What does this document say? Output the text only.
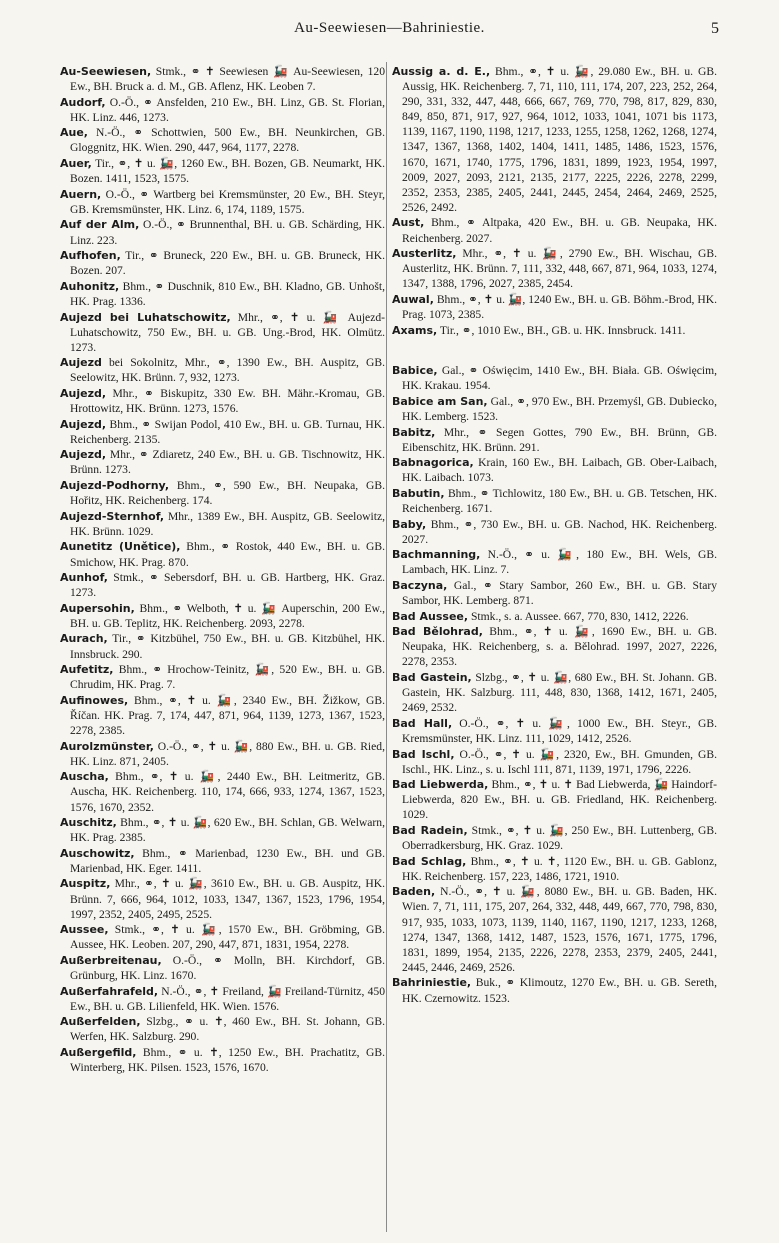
Au-Seewiesen—Bahriniestie.	5

Au-Seewiesen, Stmk., ⚭ ✝ Seewiesen 🚂 Au-Seewiesen, 120 Ew., BH. Bruck a. d. M., GB. Aflenz, HK. Leoben 7.

Audorf, O.-Ö., ⚭ Ansfelden, 210 Ew., BH. Linz, GB. St. Florian, HK. Linz. 446, 1273.

Aue, N.-Ö., ⚭ Schottwien, 500 Ew., BH. Neunkirchen, GB. Gloggnitz, HK. Wien. 290, 447, 964, 1177, 2278.

Auer, Tir., ⚭, ✝ u. 🚂, 1260 Ew., BH. Bozen, GB. Neumarkt, HK. Bozen. 1411, 1523, 1575.

Auern, O.-Ö., ⚭ Wartberg bei Kremsmünster, 20 Ew., BH. Steyr, GB. Kremsmünster, HK. Linz. 6, 174, 1189, 1575.

Auf der Alm, O.-Ö., ⚭ Brunnenthal, BH. u. GB. Schärding, HK. Linz. 223.

Aufhofen, Tir., ⚭ Bruneck, 220 Ew., BH. u. GB. Bruneck, HK. Bozen. 207.

Auhonitz, Bhm., ⚭ Duschnik, 810 Ew., BH. Kladno, GB. Unhošt, HK. Prag. 1336.

Aujezd bei Luhatschowitz, Mhr., ⚭, ✝ u. 🚂 Aujezd-Luhatschowitz, 750 Ew., BH. u. GB. Ung.-Brod, HK. Olmütz. 1273.

Aujezd bei Sokolnitz, Mhr., ⚭, 1390 Ew., BH. Auspitz, GB. Seelowitz, HK. Brünn. 7, 932, 1273.

Aujezd, Mhr., ⚭ Biskupitz, 330 Ew. BH. Mähr.-Kromau, GB. Hrottowitz, HK. Brünn. 1273, 1576.

Aujezd, Bhm., ⚭ Swijan Podol, 410 Ew., BH. u. GB. Turnau, HK. Reichenberg. 2135.

Aujezd, Mhr., ⚭ Zdiaretz, 240 Ew., BH. u. GB. Tischnowitz, HK. Brünn. 1273.

Aujezd-Podhorny, Bhm., ⚭, 590 Ew., BH. Neupaka, GB. Hořitz, HK. Reichenberg. 174.

Aujezd-Sternhof, Mhr., 1389 Ew., BH. Auspitz, GB. Seelowitz, HK. Brünn. 1029.

Aunetitz (Unětice), Bhm., ⚭ Rostok, 440 Ew., BH. u. GB. Smichow, HK. Prag. 870.

Aunhof, Stmk., ⚭ Sebersdorf, BH. u. GB. Hartberg, HK. Graz. 1273.

Aupersohin, Bhm., ⚭ Welboth, ✝ u. 🚂 Auperschin, 200 Ew., BH. u. GB. Teplitz, HK. Reichenberg. 2093, 2278.

Aurach, Tir., ⚭ Kitzbühel, 750 Ew., BH. u. GB. Kitzbühel, HK. Innsbruck. 290.

Aufetitz, Bhm., ⚭ Hrochow-Teinitz, 🚂, 520 Ew., BH. u. GB. Chrudim, HK. Prag. 7.

Aufinowes, Bhm., ⚭, ✝ u. 🚂, 2340 Ew., BH. Žižkow, GB. Říčan. HK. Prag. 7, 174, 447, 871, 964, 1139, 1273, 1367, 1523, 2278, 2385.

Aurolzmünster, O.-Ö., ⚭, ✝ u. 🚂, 880 Ew., BH. u. GB. Ried, HK. Linz. 871, 2405.

Auscha, Bhm., ⚭, ✝ u. 🚂, 2440 Ew., BH. Leitmeritz, GB. Auscha, HK. Reichenberg. 110, 174, 666, 933, 1274, 1367, 1523, 1576, 1670, 2352.

Auschitz, Bhm., ⚭, ✝ u. 🚂, 620 Ew., BH. Schlan, GB. Welwarn, HK. Prag. 2385.

Auschowitz, Bhm., ⚭ Marienbad, 1230 Ew., BH. und GB. Marienbad, HK. Eger. 1411.

Auspitz, Mhr., ⚭, ✝ u. 🚂, 3610 Ew., BH. u. GB. Auspitz, HK. Brünn. 7, 666, 964, 1012, 1033, 1347, 1367, 1523, 1796, 1954, 1997, 2352, 2405, 2495, 2525.

Aussee, Stmk., ⚭, ✝ u. 🚂, 1570 Ew., BH. Gröbming, GB. Aussee, HK. Leoben. 207, 290, 447, 871, 1831, 1954, 2278.

Außerbreitenau, O.-Ö., ⚭ Molln, BH. Kirchdorf, GB. Grünburg, HK. Linz. 1670.

Außerfahrafeld, N.-Ö., ⚭, ✝ Freiland, 🚂 Freiland-Türnitz, 450 Ew., BH. u. GB. Lilienfeld, HK. Wien. 1576.

Außerfelden, Slzbg., ⚭ u. ✝, 460 Ew., BH. St. Johann, GB. Werfen, HK. Salzburg. 290.

Außergefild, Bhm., ⚭ u. ✝, 1250 Ew., BH. Prachatitz, GB. Winterberg, HK. Pilsen. 1523, 1576, 1670.

Aussig a. d. E., Bhm., ⚭, ✝ u. 🚂, 29.080 Ew., BH. u. GB. Aussig, HK. Reichenberg. 7, 71, 110, 111, 174, 207, 223, 252, 264, 290, 331, 332, 447, 448, 666, 667, 769, 770, 798, 817, 829, 830, 849, 850, 871, 917, 927, 964, 1012, 1033, 1041, 1071 bis 1173, 1139, 1167, 1190, 1198, 1217, 1233, 1255, 1258, 1262, 1268, 1274, 1347, 1367, 1368, 1402, 1404, 1411, 1485, 1486, 1523, 1576, 1670, 1671, 1740, 1775, 1796, 1831, 1899, 1923, 1954, 1997, 2009, 2027, 2093, 2121, 2135, 2177, 2225, 2226, 2278, 2299, 2352, 2353, 2385, 2405, 2441, 2445, 2454, 2464, 2469, 2525, 2526, 2492.

Aust, Bhm., ⚭ Altpaka, 420 Ew., BH. u. GB. Neupaka, HK. Reichenberg. 2027.

Austerlitz, Mhr., ⚭, ✝ u. 🚂, 2790 Ew., BH. Wischau, GB. Austerlitz, HK. Brünn. 7, 111, 332, 448, 667, 871, 964, 1033, 1274, 1347, 1388, 1796, 2027, 2385, 2454.

Auwal, Bhm., ⚭, ✝ u. 🚂, 1240 Ew., BH. u. GB. Böhm.-Brod, HK. Prag. 1073, 2385.

Axams, Tir., ⚭, 1010 Ew., BH., GB. u. HK. Innsbruck. 1411.

Babice, Gal., ⚭ Oświęcim, 1410 Ew., BH. Biała. GB. Oświęcim, HK. Krakau. 1954.

Babice am San, Gal., ⚭, 970 Ew., BH. Przemyśl, GB. Dubiecko, HK. Lemberg. 1523.

Babitz, Mhr., ⚭ Segen Gottes, 790 Ew., BH. Brünn, GB. Eibenschitz, HK. Brünn. 291.

Babnagorica, Krain, 160 Ew., BH. Laibach, GB. Ober-Laibach, HK. Laibach. 1073.

Babutin, Bhm., ⚭ Tichlowitz, 180 Ew., BH. u. GB. Tetschen, HK. Reichenberg. 1671.

Baby, Bhm., ⚭, 730 Ew., BH. u. GB. Nachod, HK. Reichenberg. 2027.

Bachmanning, N.-Ö., ⚭ u. 🚂, 180 Ew., BH. Wels, GB. Lambach, HK. Linz. 7.

Baczyna, Gal., ⚭ Stary Sambor, 260 Ew., BH. u. GB. Stary Sambor, HK. Lemberg. 871.

Bad Aussee, Stmk., s. a. Aussee. 667, 770, 830, 1412, 2226.

Bad Bělohrad, Bhm., ⚭, ✝ u. 🚂, 1690 Ew., BH. u. GB. Neupaka, HK. Reichenberg, s. a. Bělohrad. 1997, 2027, 2226, 2278, 2353.

Bad Gastein, Slzbg., ⚭, ✝ u. 🚂, 680 Ew., BH. St. Johann. GB. Gastein, HK. Salzburg. 111, 448, 830, 1368, 1412, 1671, 2405, 2469, 2532.

Bad Hall, O.-Ö., ⚭, ✝ u. 🚂, 1000 Ew., BH. Steyr., GB. Kremsmünster, HK. Linz. 111, 1029, 1412, 2526.

Bad Ischl, O.-Ö., ⚭, ✝ u. 🚂, 2320, Ew., BH. Gmunden, GB. Ischl., HK. Linz., s. u. Ischl 111, 871, 1139, 1971, 1796, 2226.

Bad Liebwerda, Bhm., ⚭, ✝ u. ✝ Bad Liebwerda, 🚂 Haindorf-Liebwerda, 820 Ew., BH. u. GB. Friedland, HK. Reichenberg. 1029.

Bad Radein, Stmk., ⚭, ✝ u. 🚂, 250 Ew., BH. Luttenberg, GB. Oberradkersburg, HK. Graz. 1029.

Bad Schlag, Bhm., ⚭, ✝ u. ✝, 1120 Ew., BH. u. GB. Gablonz, HK. Reichenberg. 157, 223, 1486, 1721, 1910.

Baden, N.-Ö., ⚭, ✝ u. 🚂, 8080 Ew., BH. u. GB. Baden, HK. Wien. 7, 71, 111, 175, 207, 264, 332, 448, 449, 667, 770, 798, 830, 917, 935, 1033, 1073, 1139, 1140, 1167, 1190, 1217, 1233, 1268, 1274, 1347, 1368, 1412, 1487, 1523, 1576, 1671, 1775, 1796, 1831, 1899, 1954, 2135, 2226, 2278, 2353, 2379, 2405, 2441, 2445, 2446, 2469, 2526.

Bahriniestie, Buk., ⚭ Klimoutz, 1270 Ew., BH. u. GB. Sereth, HK. Czernowitz. 1523.
